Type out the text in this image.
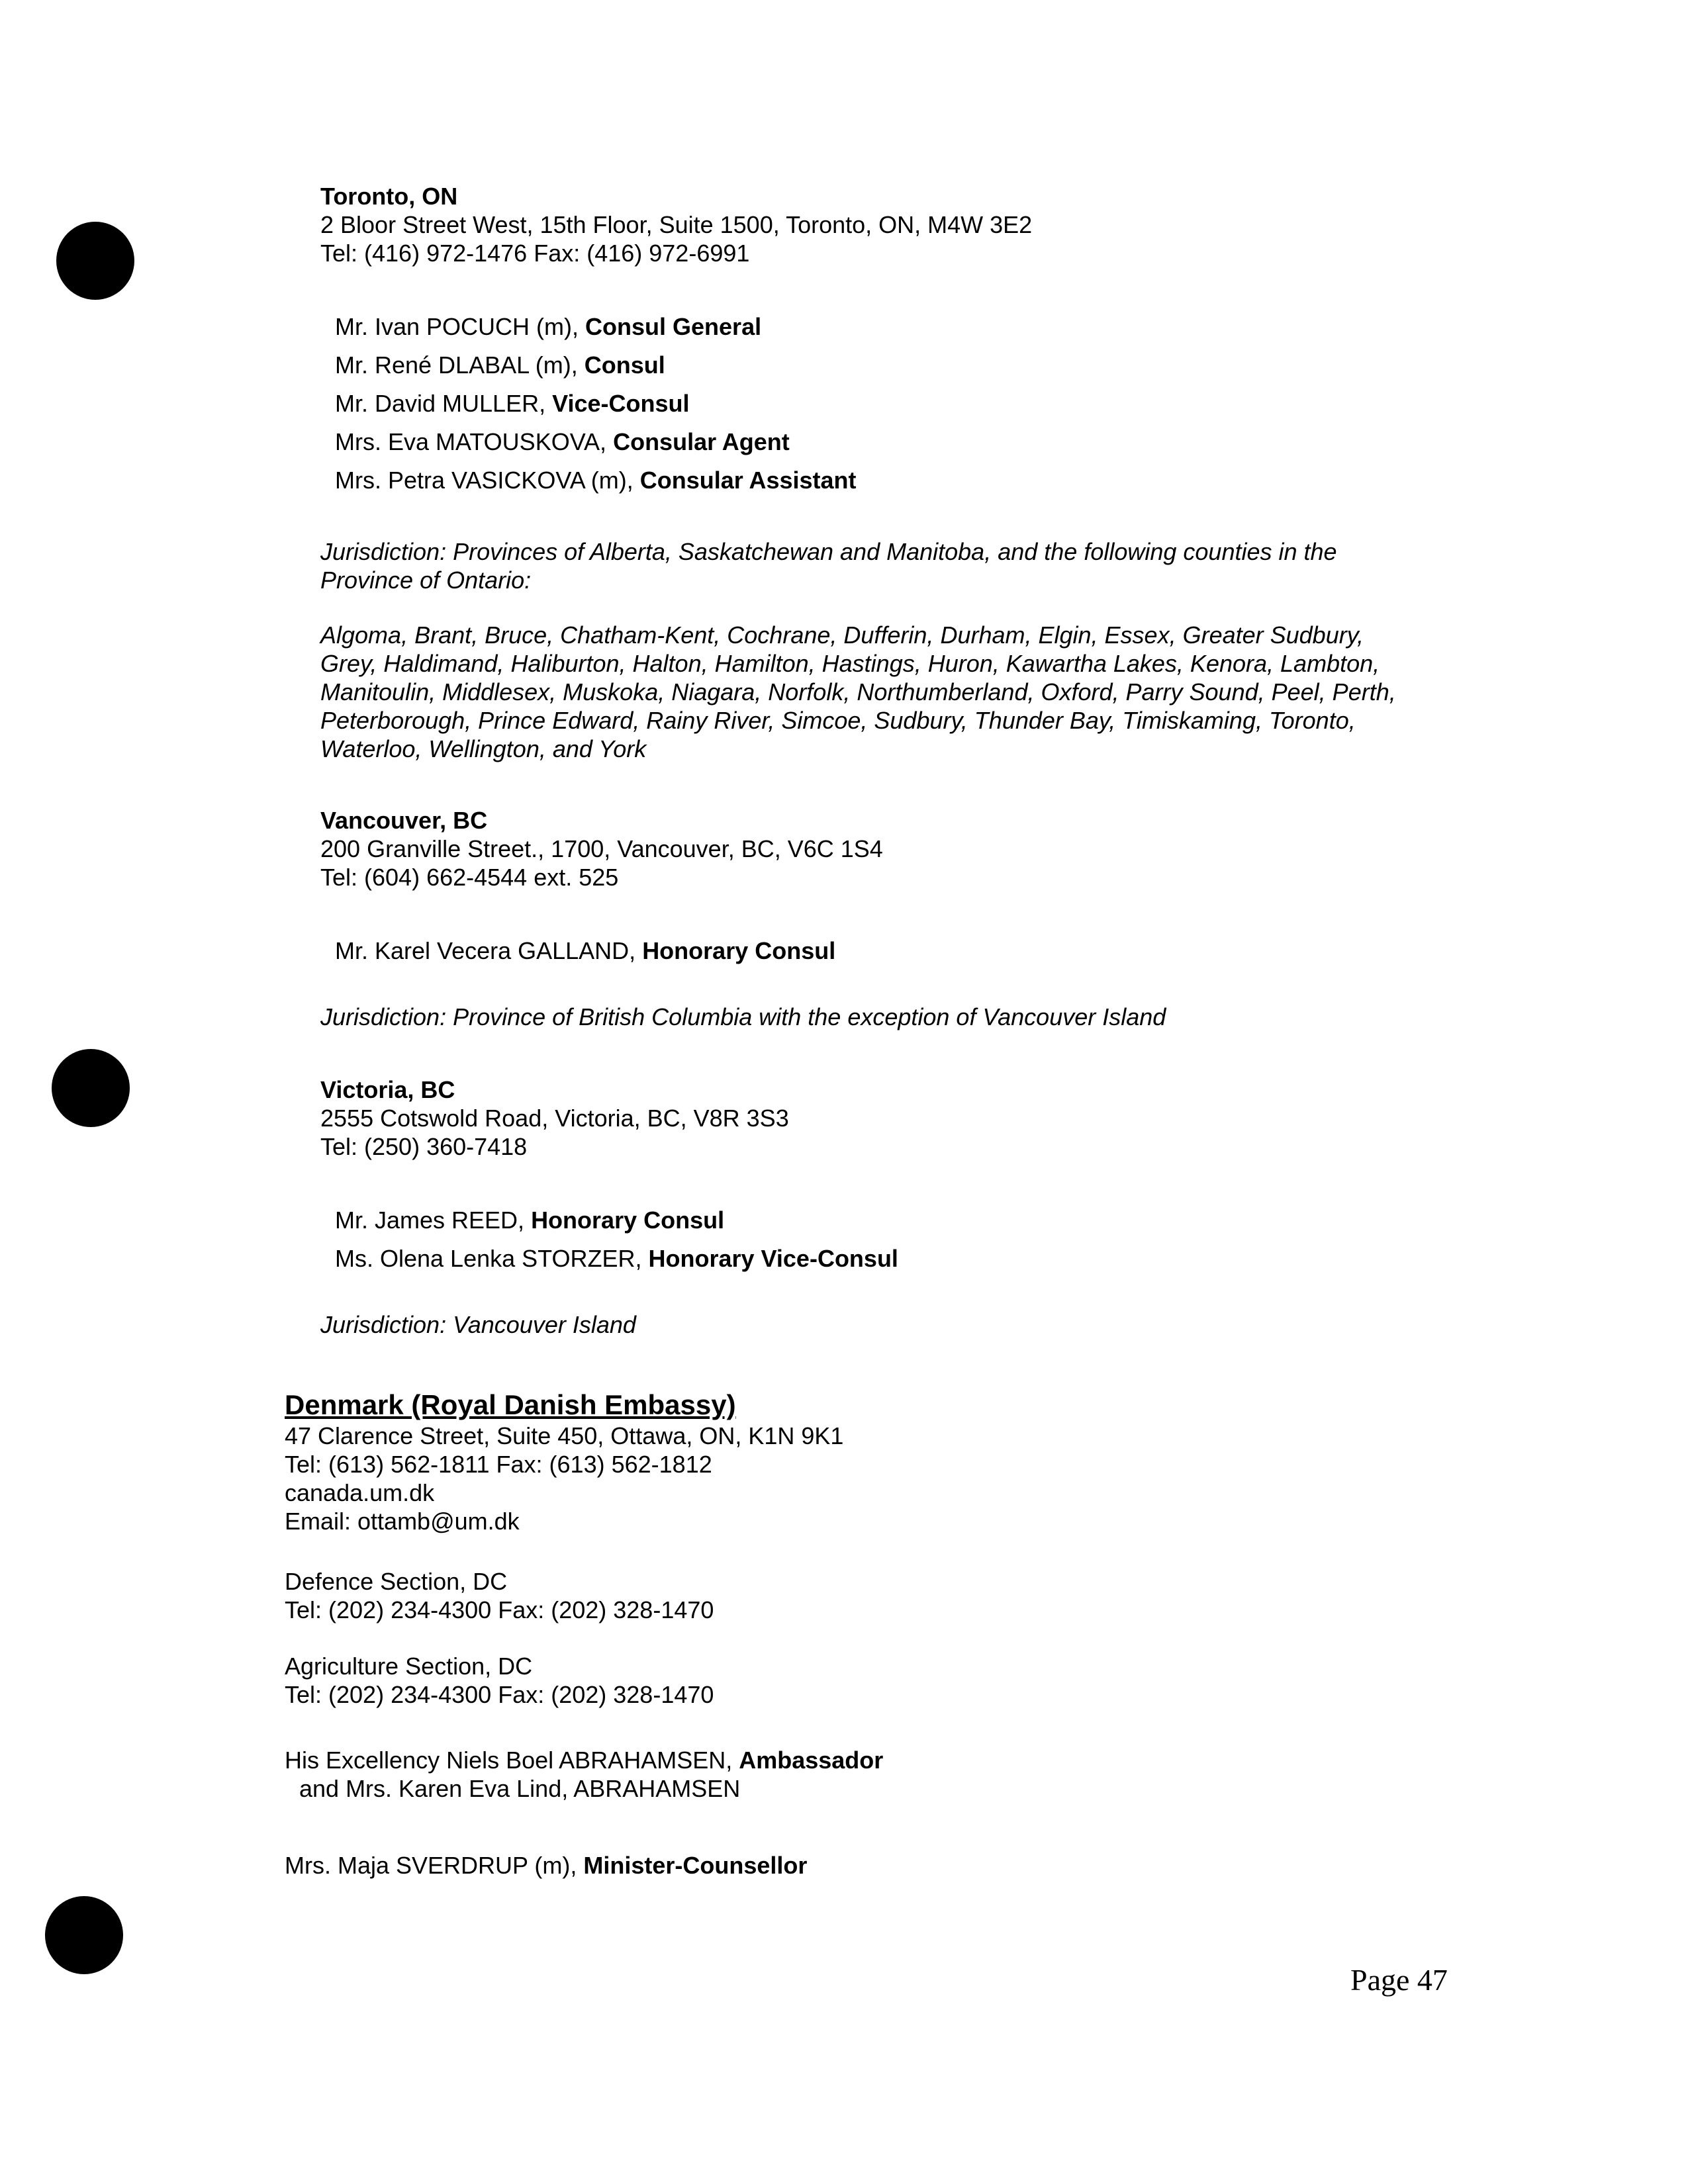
Toronto, ON
2 Bloor Street West, 15th Floor, Suite 1500, Toronto, ON, M4W 3E2
Tel: (416) 972-1476 Fax: (416) 972-6991
Mr. Ivan POCUCH (m), Consul General
Mr. René DLABAL (m), Consul
Mr. David MULLER, Vice-Consul
Mrs. Eva MATOUSKOVA, Consular Agent
Mrs. Petra VASICKOVA (m), Consular Assistant
Jurisdiction: Provinces of Alberta, Saskatchewan and Manitoba, and the following counties in the Province of Ontario:
Algoma, Brant, Bruce, Chatham-Kent, Cochrane, Dufferin, Durham, Elgin, Essex, Greater Sudbury, Grey, Haldimand, Haliburton, Halton, Hamilton, Hastings, Huron, Kawartha Lakes, Kenora, Lambton, Manitoulin, Middlesex, Muskoka, Niagara, Norfolk, Northumberland, Oxford, Parry Sound, Peel, Perth, Peterborough, Prince Edward, Rainy River, Simcoe, Sudbury, Thunder Bay, Timiskaming, Toronto, Waterloo, Wellington, and York
Vancouver, BC
200 Granville Street., 1700, Vancouver, BC, V6C 1S4
Tel: (604) 662-4544 ext. 525
Mr. Karel Vecera GALLAND, Honorary Consul
Jurisdiction: Province of British Columbia with the exception of Vancouver Island
Victoria, BC
2555 Cotswold Road, Victoria, BC, V8R 3S3
Tel: (250) 360-7418
Mr. James REED, Honorary Consul
Ms. Olena Lenka STORZER, Honorary Vice-Consul
Jurisdiction: Vancouver Island
Denmark (Royal Danish Embassy)
47 Clarence Street, Suite 450, Ottawa, ON, K1N 9K1
Tel: (613) 562-1811 Fax: (613) 562-1812
canada.um.dk
Email: ottamb@um.dk
Defence Section, DC
Tel: (202) 234-4300 Fax: (202) 328-1470
Agriculture Section, DC
Tel: (202) 234-4300 Fax: (202) 328-1470
His Excellency Niels Boel ABRAHAMSEN, Ambassador
and Mrs. Karen Eva Lind, ABRAHAMSEN
Mrs. Maja SVERDRUP (m), Minister-Counsellor
Page 47
